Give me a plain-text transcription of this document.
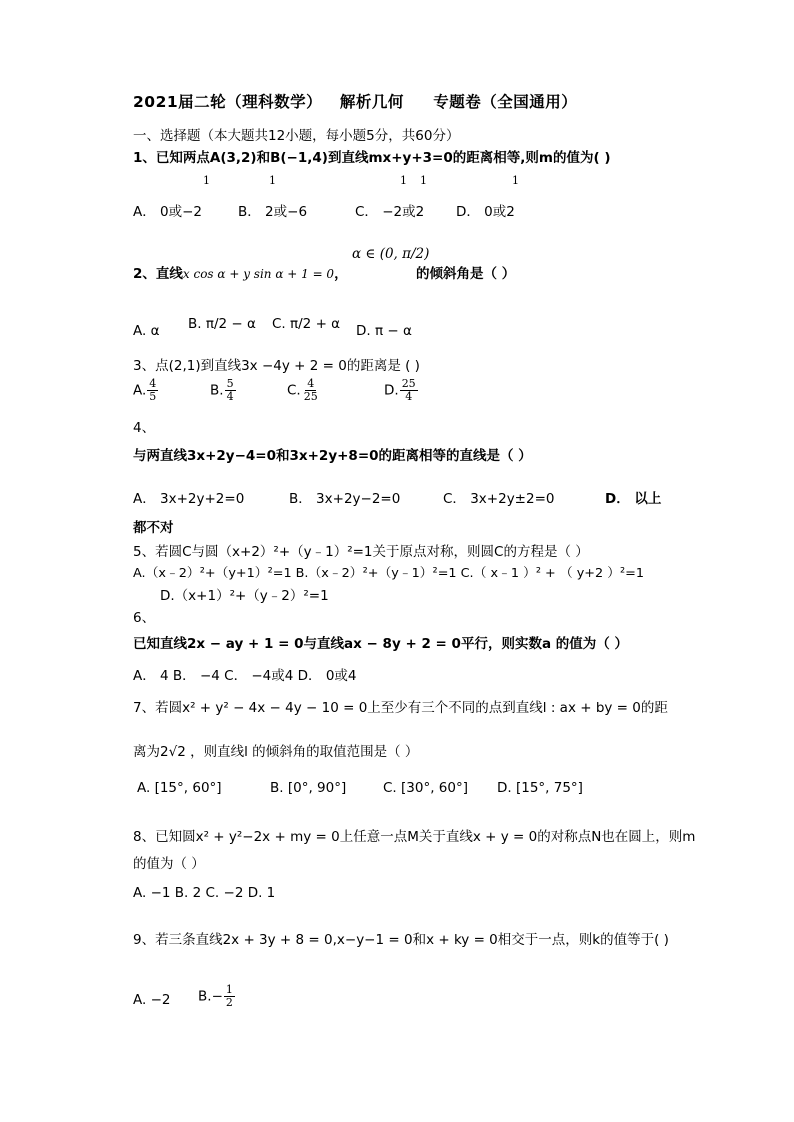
2021届二轮（理科数学）   解析几何     专题卷（全国通用）
一、选择题（本大题共12小题，每小题5分，共60分）
1、已知两点A(3,2)和B(−1,4)到直线mx+y+3=0的距离相等,则m的值为( )
1	1	1 1	1
A． 0或−2	B． 2或−6	C． −2或2 D． 0或2
2、直线x cos α + y sin α + 1 = 0，
α ∈ (0, π/2)
的倾斜角是（ ）
A. α B. π/2 − α C. π/2 + α D. π − α
3、点(2,1)到直线3x −4y + 2 = 0的距离是 ( )
A. $\frac{4}{5}$	B. $\frac{5}{4}$	C. $\frac{4}{25}$	D. $\frac{25}{4}$
4、
与两直线3x+2y−4=0和3x+2y+8=0的距离相等的直线是（ ）
A． 3x+2y+2=0	B． 3x+2y−2=0	C． 3x+2y±2=0	D． 以上
都不对
5、若圆C与圆（x+2）²+（y﹣1）²=1关于原点对称，则圆C的方程是（ ）
A.（x﹣2）²+（y+1）²=1 B.（x﹣2）²+（y﹣1）²=1 C.（ x﹣1 ）² + （ y+2 ）²=1
D.（x+1）²+（y﹣2）²=1
6、
已知直线2x − ay + 1 = 0与直线ax − 8y + 2 = 0平行，则实数a 的值为（ ）
A． 4 B． −4 C． −4或4 D． 0或4
7、若圆x² + y² − 4x − 4y − 10 = 0上至少有三个不同的点到直线l : ax + by = 0的距
离为2√2 ，则直线l 的倾斜角的取值范围是（ ）
A. [15°, 60°]	B. [0°, 90°]	C. [30°, 60°] D. [15°, 75°]
8、已知圆x² + y²−2x + my = 0上任意一点M关于直线x + y = 0的对称点N也在圆上，则m
的值为（ ）
A. −1 B. 2 C. −2 D. 1
9、若三条直线2x + 3y + 8 = 0,x−y−1 = 0和x + ky = 0相交于一点，则k的值等于( )
A. −2 $B.- \frac{1}{2}$
